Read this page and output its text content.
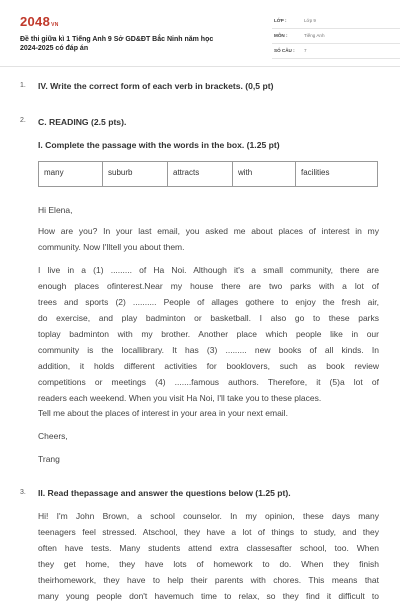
2048VN
Đề thi giữa kì 1 Tiếng Anh 9 Sở GD&ĐT Bắc Ninh năm học
2024-2025 có đáp án
LỚP :	Lớp 9
MÔN :	Tiếng Anh
SỐ CÂU : 7
1. IV. Write the correct form of each verb in brackets. (0,5 pt)
2. C. READING (2.5 pts).
I. Complete the passage with the words in the box. (1.25 pt)
many	suburb	attracts	with	facilities
Hi Elena,
How are you? In your last email, you asked me about places of interest in my
community. Now I'lltell you about them.
I live in a (1) ......... of Ha Noi. Although it's a small community, there are
enough places ofinterest.Near my house there are two parks with a lot of
trees and sports (2) .......... People of allages gothere to enjoy the fresh air,
do exercise, and play badminton or basketball. I also go to these parks
toplay badminton with my brother. Another place which people like in our
community is the locallibrary. It has (3) ......... new books of all kinds. In
addition, it holds different activities for booklovers, such as book review
competitions or meetings (4) .......famous authors. Therefore, it (5)a lot of
readers each weekend. When you visit Ha Noi, I'll take you to these places.
Tell me about the places of interest in your area in your next email.
Cheers,
Trang
3. II. Read thepassage and answer the questions below (1.25 pt).
Hi! I'm John Brown, a school counselor. In my opinion, these days many
teenagers feel stressed. Atschool, they have a lot of things to study, and they
often have tests. Many students attend extra classesafter school, too. When
they get home, they have lots of homework to do. When they finish
theirhomework, they have to help their parents with chores. This means that
many young people don't havemuch time to relax, so they find it difficult to
